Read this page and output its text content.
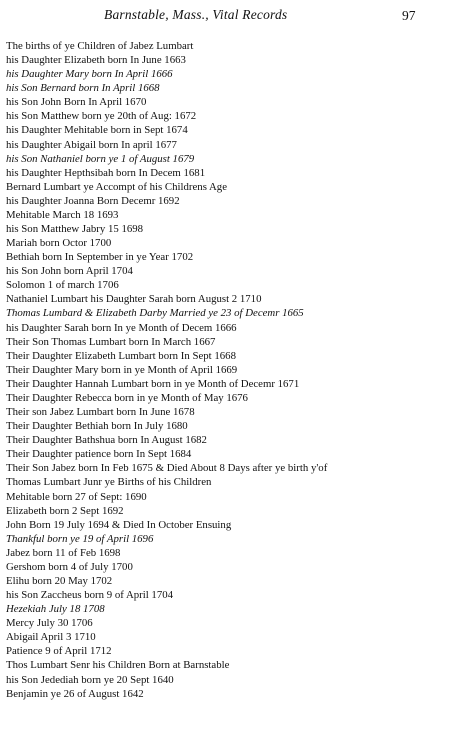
Barnstable, Mass., Vital Records	97
The births of ye Children of Jabez Lumbart
his Daughter Elizabeth born In June 1663
his Daughter Mary born In April 1666
his Son Bernard born In April 1668
his Son John Born In April 1670
his Son Matthew born ye 20th of Aug: 1672
his Daughter Mehitable born in Sept 1674
his Daughter Abigail born In april 1677
his Son Nathaniel born ye 1 of August 1679
his Daughter Hepthsibah born In Decem 1681
Bernard Lumbart ye Accompt of his Childrens Age
his Daughter Joanna Born Decemr 1692
Mehitable March 18 1693
his Son Matthew Jabry 15 1698
Mariah born Octor 1700
Bethiah born In September in ye Year 1702
his Son John born April 1704
Solomon 1 of march 1706
Nathaniel Lumbart his Daughter Sarah born August 2 1710
Thomas Lumbard & Elizabeth Darby Married ye 23 of Decemr 1665
his Daughter Sarah born In ye Month of Decem 1666
Their Son Thomas Lumbart born In March 1667
Their Daughter Elizabeth Lumbart born In Sept 1668
Their Daughter Mary born in ye Month of April 1669
Their Daughter Hannah Lumbart born in ye Month of Decemr 1671
Their Daughter Rebecca born in ye Month of May 1676
Their son Jabez Lumbart born In June 1678
Their Daughter Bethiah born In July 1680
Their Daughter Bathshua born In August 1682
Their Daughter patience born In Sept 1684
Their Son Jabez born In Feb 1675 & Died About 8 Days after ye birth y'of
Thomas Lumbart Junr ye Births of his Children
Mehitable born 27 of Sept: 1690
Elizabeth born 2 Sept 1692
John Born 19 July 1694 & Died In October Ensuing
Thankful born ye 19 of April 1696
Jabez born 11 of Feb 1698
Gershom born 4 of July 1700
Elihu born 20 May 1702
his Son Zaccheus born 9 of April 1704
Hezekiah July 18 1708
Mercy July 30 1706
Abigail April 3 1710
Patience 9 of April 1712
Thos Lumbart Senr his Children Born at Barnstable
his Son Jedediah born ye 20 Sept 1640
Benjamin ye 26 of August 1642
